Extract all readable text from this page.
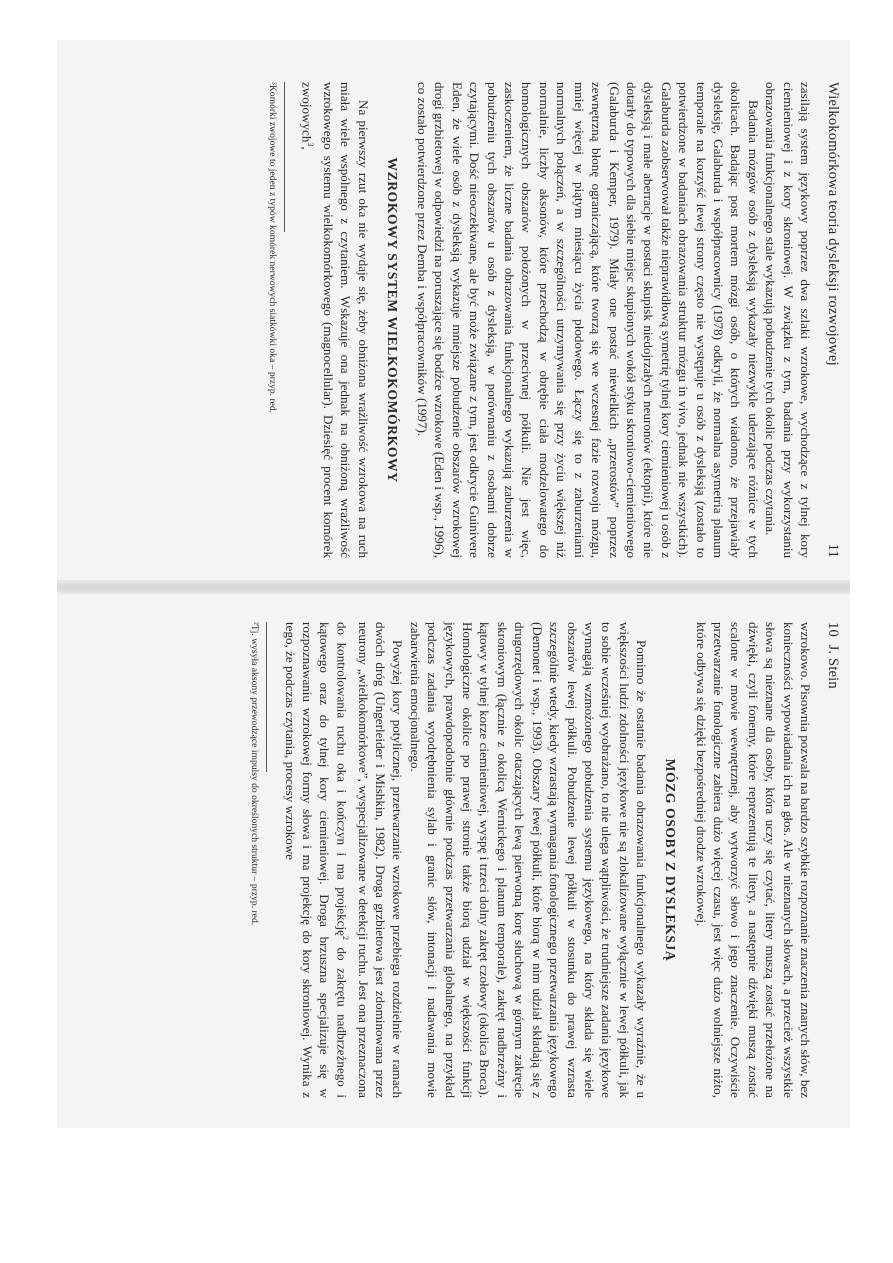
Wielkokomórkowa teoria dysleksji rozwojowej
11

zasilają system językowy poprzez dwa szlaki wzrokowe, wychodzące z tylnej kory ciemieniowej i z kory skroniowej. W związku z tym, badania przy wykorzystaniu obrazowania funkcjonalnego stale wykazują pobudzenie tych okolic podczas czytania.

Badania mózgów osób z dysleksją wykazały niezwykle uderzające różnice w tych okolicach. Badając post mortem mózgi osób, o których wiadomo, że przejawiały dysleksję, Galaburda i współpracownicy (1978) odkryli, że normalna asymetria planum temporale na korzyść lewej strony często nie występuje u osób z dysleksją (zostało to potwierdzone w badaniach obrazowania struktur mózgu in vivo, jednak nie wszystkich). Galaburda zaobserwował także nieprawidłową symetrię tylnej kory ciemieniowej u osób z dysleksją i małe aberracje w postaci skupisk niedojrzałych neuronów (ektopii), które nie dotarły do typowych dla siebie miejsc skupionych wokół styku skroniowo-ciemieniowego (Galaburda i Kemper, 1979). Miały one postać niewielkich „przerostów” poprzez zewnętrzną błonę ograniczającą, które tworzą się we wczesnej fazie rozwoju mózgu, mniej więcej w piątym miesiącu życia płodowego. Łączy się to z zaburzeniami normalnych połączeń, a w szczególności utrzymywania się przy życiu większej niż normalnie, liczby aksonów, które przechodzą w obrębie ciała modzelowatego do homologicznych obszarów położonych w przeciwnej półkuli. Nie jest więc, zaskoczeniem, że liczne badania obrazowania funkcjonalnego wykazują zaburzenia w pobudzeniu tych obszarów u osób z dysleksją, w porównaniu z osobami dobrze czytającymi. Dość nieoczekiwane, ale być może związane z tym, jest odkrycie Guinivere Eden, że wiele osób z dysleksją wykazuje mniejsze pobudzenie obszarów wzrokowej drogi grzbietowej w odpowiedzi na poruszające się bodźce wzrokowe (Eden i wsp., 1996), co zostało potwierdzone przez Demba i współpracowników (1997).

WZROKOWY SYSTEM WIELKOKOMÓRKOWY

Na pierwszy rzut oka nie wydaje się, żeby obniżona wrażliwość wzrokowa na ruch miała wiele wspólnego z czytaniem. Wskazuje ona jednak na obniżoną wrażliwość wzrokowego systemu wielkokomórkowego (magnocellular). Dziesięć procent komórek zwojowych$^3$,

³Komórki zwojowe to jeden z typów komórek nerwowych siatkówki oka – przyp. red.
10  J. Stein

wzrokowo. Pisownia pozwala na bardzo szybkie rozpoznanie znaczenia znanych słów, bez konieczności wypowiadania ich na głos. Ale w nieznanych słowach, a przecież wszystkie słowa są nieznane dla osoby, która uczy się czytać, litery muszą zostać przełożone na dźwięki, czyli fonemy, które reprezentują te litery, a następnie dźwięki muszą zostać scalone w mowie wewnętrznej, aby wytworzyć słowo i jego znaczenie. Oczywiście przetwarzanie fonologiczne zabiera dużo więcej czasu, jest więc dużo wolniejsze niżto, które odbywa się dzięki bezpośredniej drodze wzrokowej.

MÓZG OSOBY Z DYSLEKSJĄ

Pomimo że ostatnie badania obrazowania funkcjonalnego wykazały wyraźnie, że u większości ludzi zdolności językowe nie są zlokalizowane wyłącznie w lewej półkuli, jak to sobie wcześniej wyobrażano, to nie ulega wątpliwości, że trudniejsze zadania językowe wymagają wzmożonego pobudzenia systemu językowego, na który składa się wiele obszarów lewej półkuli. Pobudzenie lewej półkuli w stosunku do prawej wzrasta szczególnie wtedy, kiedy wzrastają wymagania fonologicznego przetwarzania językowego (Demonet i wsp., 1993). Obszary lewej półkuli, które biorą w nim udział składają się z drugorzędowych okolic otaczających lewą pierwotną korę słuchową w górnym zakręcie skroniowym (łącznie z okolicą Wernickego i planum temporale), zakręt nadbrzeżny i kątowy w tylnej korze ciemieniowej, wyspę i trzeci dolny zakręt czołowy (okolica Broca). Homologiczne okolice po prawej stronie także biorą udział w większości funkcji językowych, prawdopodobnie głównie podczas przetwarzania globalnego, na przykład podczas zadania wyodrębnienia sylab i granic słów, intonacji i nadawania mowie zabarwienia emocjonalnego.

Powyżej kory potylicznej, przetwarzanie wzrokowe przebiega rozdzielnie w ramach dwóch dróg (Ungerleider i Mishkin, 1982). Droga grzbietowa jest zdominowana przez neurony „wielkokomórkowe”, wyspecjalizowane w detekcji ruchu. Jest ona przeznaczona do kontrolowania ruchu oka i kończyn i ma projekcję$^2$ do zakrętu nadbrzeżnego i kątowego oraz do tylnej kory ciemieniowej. Droga brzuszna specjalizuje się w rozpoznawaniu wzrokowej formy słowa i ma projekcję do kory skroniowej. Wynika z tego, że podczas czytania, procesy wzrokowe

²Tj. wysyła aksony przewodzące impulsy do określonych struktur – przyp. red.
